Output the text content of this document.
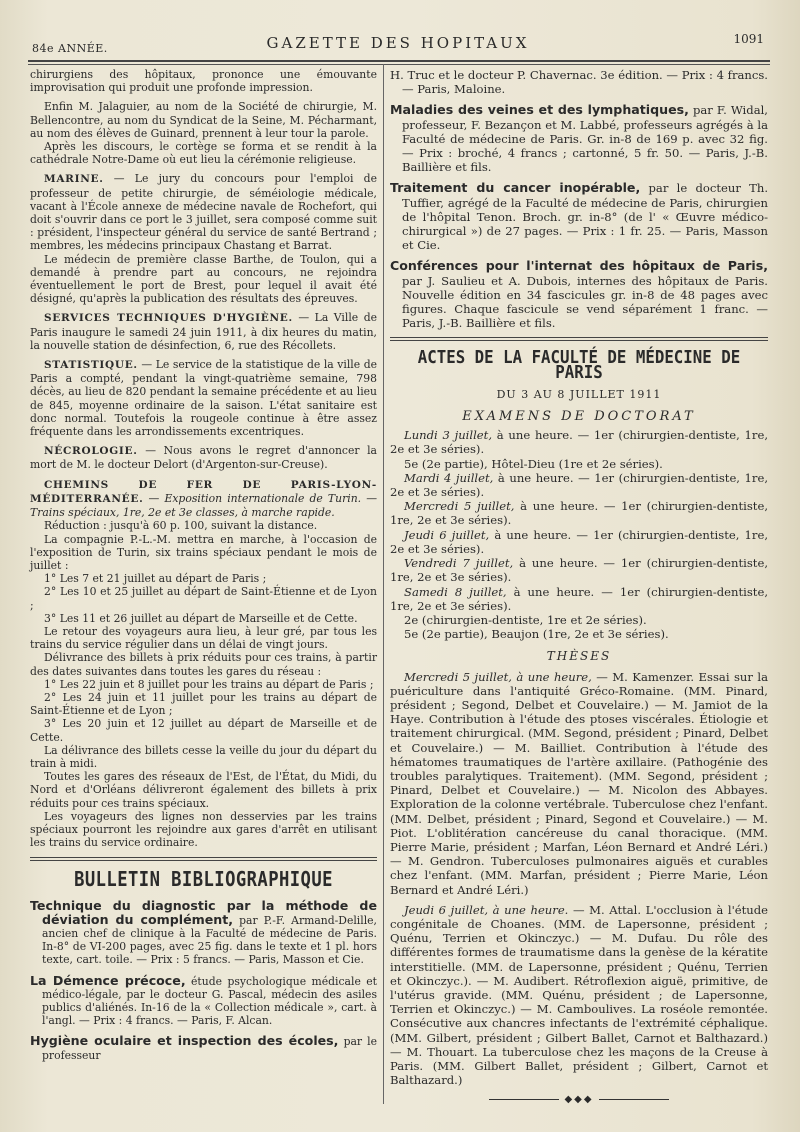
84e ANNÉE.	GAZETTE DES HOPITAUX	1091

chirurgiens des hôpitaux, prononce une émouvante improvisation qui produit une profonde impression.

Enfin M. Jalaguier, au nom de la Société de chirurgie, M. Bellencontre, au nom du Syndicat de la Seine, M. Pécharmant, au nom des élèves de Guinard, prennent à leur tour la parole.

Après les discours, le cortège se forma et se rendit à la cathédrale Notre-Dame où eut lieu la cérémonie religieuse.

MARINE. — Le jury du concours pour l'emploi de professeur de petite chirurgie, de séméiologie médicale, vacant à l'École annexe de médecine navale de Rochefort, qui doit s'ouvrir dans ce port le 3 juillet, sera composé comme suit : président, l'inspecteur général du service de santé Bertrand ; membres, les médecins principaux Chastang et Barrat.

Le médecin de première classe Barthe, de Toulon, qui a demandé à prendre part au concours, ne rejoindra éventuellement le port de Brest, pour lequel il avait été désigné, qu'après la publication des résultats des épreuves.

SERVICES TECHNIQUES D'HYGIÈNE. — La Ville de Paris inaugure le samedi 24 juin 1911, à dix heures du matin, la nouvelle station de désinfection, 6, rue des Récollets.

STATISTIQUE. — Le service de la statistique de la ville de Paris a compté, pendant la vingt-quatrième semaine, 798 décès, au lieu de 820 pendant la semaine précédente et au lieu de 845, moyenne ordinaire de la saison. L'état sanitaire est donc normal. Toutefois la rougeole continue à être assez fréquente dans les arrondissements excentriques.

NÉCROLOGIE. — Nous avons le regret d'annoncer la mort de M. le docteur Delort (d'Argenton-sur-Creuse).

CHEMINS DE FER DE PARIS-LYON-MÉDITERRANÉE. — Exposition internationale de Turin. — Trains spéciaux, 1re, 2e et 3e classes, à marche rapide.

Réduction : jusqu'à 60 p. 100, suivant la distance.

La compagnie P.-L.-M. mettra en marche, à l'occasion de l'exposition de Turin, six trains spéciaux pendant le mois de juillet :

1° Les 7 et 21 juillet au départ de Paris ;

2° Les 10 et 25 juillet au départ de Saint-Étienne et de Lyon ;

3° Les 11 et 26 juillet au départ de Marseille et de Cette.

Le retour des voyageurs aura lieu, à leur gré, par tous les trains du service régulier dans un délai de vingt jours.

Délivrance des billets à prix réduits pour ces trains, à partir des dates suivantes dans toutes les gares du réseau :

1° Les 22 juin et 8 juillet pour les trains au départ de Paris ;

2° Les 24 juin et 11 juillet pour les trains au départ de Saint-Étienne et de Lyon ;

3° Les 20 juin et 12 juillet au départ de Marseille et de Cette.

La délivrance des billets cesse la veille du jour du départ du train à midi.

Toutes les gares des réseaux de l'Est, de l'État, du Midi, du Nord et d'Orléans délivreront également des billets à prix réduits pour ces trains spéciaux.

Les voyageurs des lignes non desservies par les trains spéciaux pourront les rejoindre aux gares d'arrêt en utilisant les trains du service ordinaire.

BULLETIN BIBLIOGRAPHIQUE

Technique du diagnostic par la méthode de déviation du complément, par P.-F. Armand-Delille, ancien chef de clinique à la Faculté de médecine de Paris. In-8° de VI-200 pages, avec 25 fig. dans le texte et 1 pl. hors texte, cart. toile. — Prix : 5 francs. — Paris, Masson et Cie.

La Démence précoce, étude psychologique médicale et médico-légale, par le docteur G. Pascal, médecin des asiles publics d'aliénés. In-16 de la « Collection médicale », cart. à l'angl. — Prix : 4 francs. — Paris, F. Alcan.

Hygiène oculaire et inspection des écoles, par le professeur

H. Truc et le docteur P. Chavernac. 3e édition. — Prix : 4 francs. — Paris, Maloine.

Maladies des veines et des lymphatiques, par F. Widal, professeur, F. Bezançon et M. Labbé, professeurs agrégés à la Faculté de médecine de Paris. Gr. in-8 de 169 p. avec 32 fig. — Prix : broché, 4 francs ; cartonné, 5 fr. 50. — Paris, J.-B. Baillière et fils.

Traitement du cancer inopérable, par le docteur Th. Tuffier, agrégé de la Faculté de médecine de Paris, chirurgien de l'hôpital Tenon. Broch. gr. in-8° (de l' « Œuvre médico-chirurgical ») de 27 pages. — Prix : 1 fr. 25. — Paris, Masson et Cie.

Conférences pour l'internat des hôpitaux de Paris, par J. Saulieu et A. Dubois, internes des hôpitaux de Paris. Nouvelle édition en 34 fascicules gr. in-8 de 48 pages avec figures. Chaque fascicule se vend séparément 1 franc. — Paris, J.-B. Baillière et fils.

ACTES DE LA FACULTÉ DE MÉDECINE DE PARIS
DU 3 AU 8 JUILLET 1911
EXAMENS DE DOCTORAT

Lundi 3 juillet, à une heure. — 1er (chirurgien-dentiste, 1re, 2e et 3e séries).

5e (2e partie), Hôtel-Dieu (1re et 2e séries).

Mardi 4 juillet, à une heure. — 1er (chirurgien-dentiste, 1re, 2e et 3e séries).

Mercredi 5 juillet, à une heure. — 1er (chirurgien-dentiste, 1re, 2e et 3e séries).

Jeudi 6 juillet, à une heure. — 1er (chirurgien-dentiste, 1re, 2e et 3e séries).

Vendredi 7 juillet, à une heure. — 1er (chirurgien-dentiste, 1re, 2e et 3e séries).

Samedi 8 juillet, à une heure. — 1er (chirurgien-dentiste, 1re, 2e et 3e séries).

2e (chirurgien-dentiste, 1re et 2e séries).

5e (2e partie), Beaujon (1re, 2e et 3e séries).

THÈSES

Mercredi 5 juillet, à une heure, — M. Kamenzer. Essai sur la puériculture dans l'antiquité Gréco-Romaine. (MM. Pinard, président ; Segond, Delbet et Couvelaire.) — M. Jamiot de la Haye. Contribution à l'étude des ptoses viscérales. Étiologie et traitement chirurgical. (MM. Segond, président ; Pinard, Delbet et Couvelaire.) — M. Bailliet. Contribution à l'étude des hématomes traumatiques de l'artère axillaire. (Pathogénie des troubles paralytiques. Traitement). (MM. Segond, président ; Pinard, Delbet et Couvelaire.) — M. Nicolon des Abbayes. Exploration de la colonne vertébrale. Tuberculose chez l'enfant. (MM. Delbet, président ; Pinard, Segond et Couvelaire.) — M. Piot. L'oblitération cancéreuse du canal thoracique. (MM. Pierre Marie, président ; Marfan, Léon Bernard et André Léri.) — M. Gendron. Tuberculoses pulmonaires aiguës et curables chez l'enfant. (MM. Marfan, président ; Pierre Marie, Léon Bernard et André Léri.)

Jeudi 6 juillet, à une heure. — M. Attal. L'occlusion à l'étude congénitale de Choanes. (MM. de Lapersonne, président ; Quénu, Terrien et Okinczyc.) — M. Dufau. Du rôle des différentes formes de traumatisme dans la genèse de la kératite interstitielle. (MM. de Lapersonne, président ; Quénu, Terrien et Okinczyc.). — M. Audibert. Rétroflexion aiguë, primitive, de l'utérus gravide. (MM. Quénu, président ; de Lapersonne, Terrien et Okinczyc.) — M. Camboulives. La roséole remontée. Consécutive aux chancres infectants de l'extrémité céphalique. (MM. Gilbert, président ; Gilbert Ballet, Carnot et Balthazard.) — M. Thouart. La tuberculose chez les maçons de la Creuse à Paris. (MM. Gilbert Ballet, président ; Gilbert, Carnot et Balthazard.)

◆◆◆
